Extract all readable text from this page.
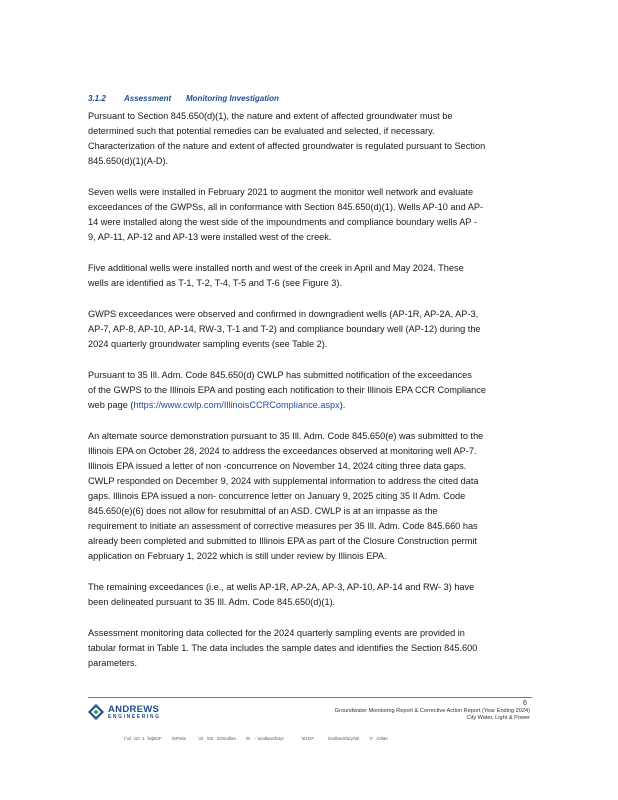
3.1.2 Assessment Monitoring Investigation

Pursuant to Section 845.650(d)(1), the nature and extent of affected groundwater must be
determined such that potential remedies can be evaluated and selected, if necessary.
Characterization of the nature and extent of affected groundwater is regulated pursuant to Section
845.650(d)(1)(A-D).

Seven wells were installed in February 2021 to augment the monitor well network and evaluate
exceedances of the GWPSs, all in conformance with Section 845.650(d)(1). Wells AP-10 and AP-
14 were installed along the west side of the impoundments and compliance boundary wells AP -
9, AP-11, AP-12 and AP-13 were installed west of the creek.

Five additional wells were installed north and west of the creek in April and May 2024. These
wells are identified as T-1, T-2, T-4, T-5 and T-6 (see Figure 3).

GWPS exceedances were observed and confirmed in downgradient wells (AP-1R, AP-2A, AP-3,
AP-7, AP-8, AP-10, AP-14, RW-3, T-1 and T-2) and compliance boundary well (AP-12) during the
2024 quarterly groundwater sampling events (see Table 2).

Pursuant to 35 Ill. Adm. Code 845.650(d) CWLP has submitted notification of the exceedances
of the GWPS to the Illinois EPA and posting each notification to their Illinois EPA CCR Compliance
web page (https://www.cwlp.com/IllinoisCCRCompliance.aspx).

An alternate source demonstration pursuant to 35 Ill. Adm. Code 845.650(e) was submitted to the
Illinois EPA on October 28, 2024 to address the exceedances observed at monitoring well AP-7.
Illinois EPA issued a letter of non -concurrence on November 14, 2024 citing three data gaps.
CWLP responded on December 9, 2024 with supplemental information to address the cited data
gaps. Illinois EPA issued a non- concurrence letter on January 9, 2025 citing 35 Il Adm. Code
845.650(e)(6) does not allow for resubmittal of an ASD. CWLP is at an impasse as the
requirement to initiate an assessment of corrective measures per 35 Ill. Adm. Code 845.660 has
already been completed and submitted to Illinois EPA as part of the Closure Construction permit
application on February 1, 2022 which is still under review by Illinois EPA.

The remaining exceedances (i.e., at wells AP-1R, AP-2A, AP-3, AP-10, AP-14 and RW- 3) have
been delineated pursuant to 35 Ill. Adm. Code 845.650(d)(1).

Assessment monitoring data collected for the 2024 quarterly sampling events are provided in
tabular format in Table 1. The data includes the sample dates and identifies the Section 845.600
parameters.

ANDREWS
ENGINEERING
6
Groundwater Monitoring Report & Corrective Action Report (Year Ending 2024)
City Water, Light & Power
I:\xl  \10  1  \lnj8GF        \SPx8x          \1l   \02   \iOmollan        \9    - \mollanSfaryr              \01GF           \mollanSfaryr\5\        \7  -\Olan
